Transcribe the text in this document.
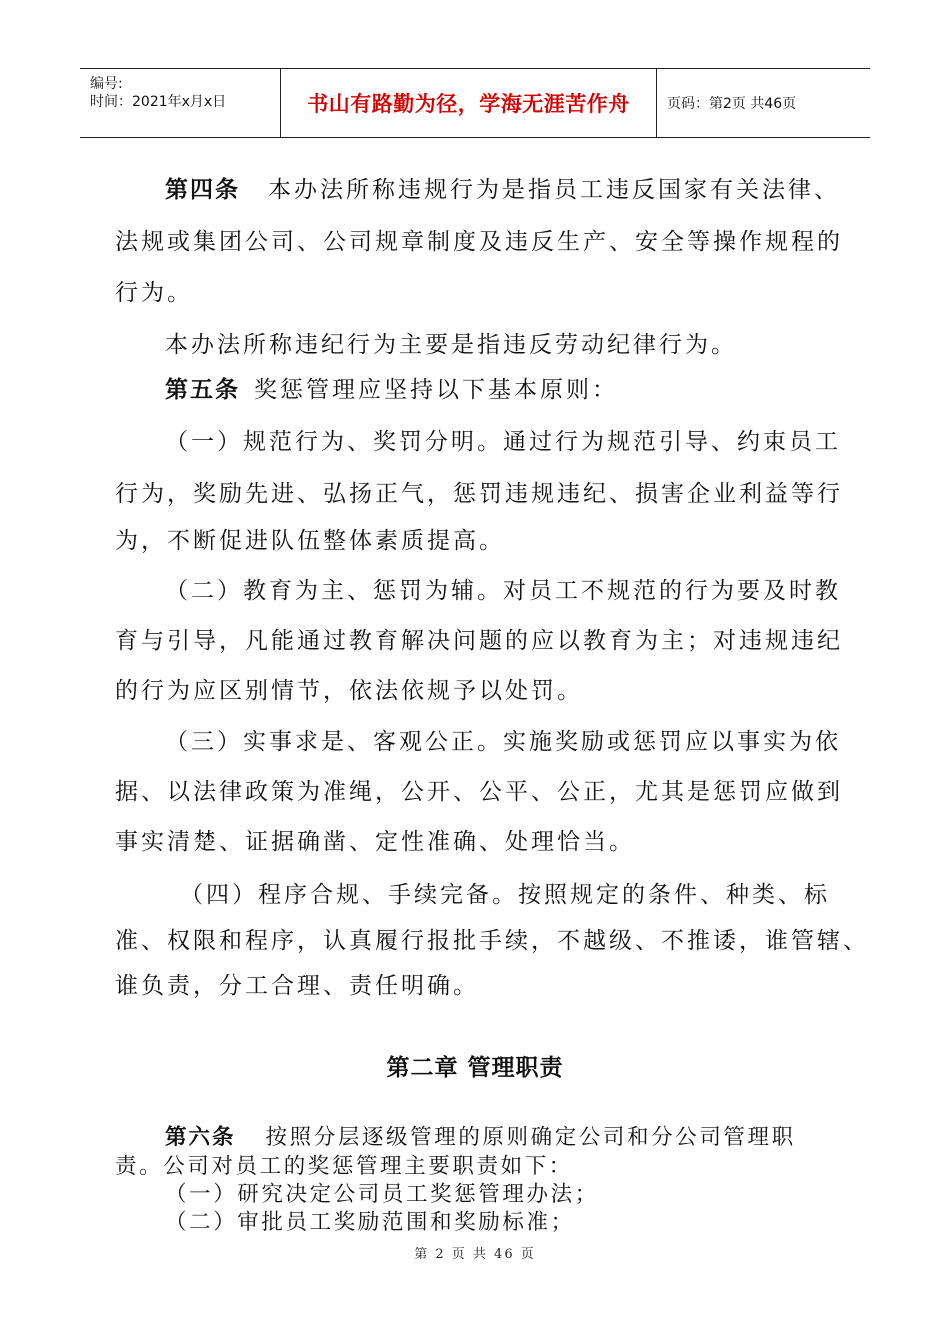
编号:
时间：2021年x月x日	书山有路勤为径，学海无涯苦作舟	页码：第2页 共46页
第四条 本办法所称违规行为是指员工违反国家有关法律、
法规或集团公司、公司规章制度及违反生产、安全等操作规程的
行为。
本办法所称违纪行为主要是指违反劳动纪律行为。
第五条 奖惩管理应坚持以下基本原则：
（一）规范行为、奖罚分明。通过行为规范引导、约束员工
行为，奖励先进、弘扬正气，惩罚违规违纪、损害企业利益等行
为，不断促进队伍整体素质提高。
（二）教育为主、惩罚为辅。对员工不规范的行为要及时教
育与引导，凡能通过教育解决问题的应以教育为主；对违规违纪
的行为应区别情节，依法依规予以处罚。
（三）实事求是、客观公正。实施奖励或惩罚应以事实为依
据、以法律政策为准绳，公开、公平、公正，尤其是惩罚应做到
事实清楚、证据确凿、定性准确、处理恰当。
（四）程序合规、手续完备。按照规定的条件、种类、标
准、权限和程序，认真履行报批手续，不越级、不推诿，谁管辖、
谁负责，分工合理、责任明确。
第二章 管理职责
第六条 按照分层逐级管理的原则确定公司和分公司管理职
责。公司对员工的奖惩管理主要职责如下：
（一）研究决定公司员工奖惩管理办法；
（二）审批员工奖励范围和奖励标准；
第 2 页 共 46 页
